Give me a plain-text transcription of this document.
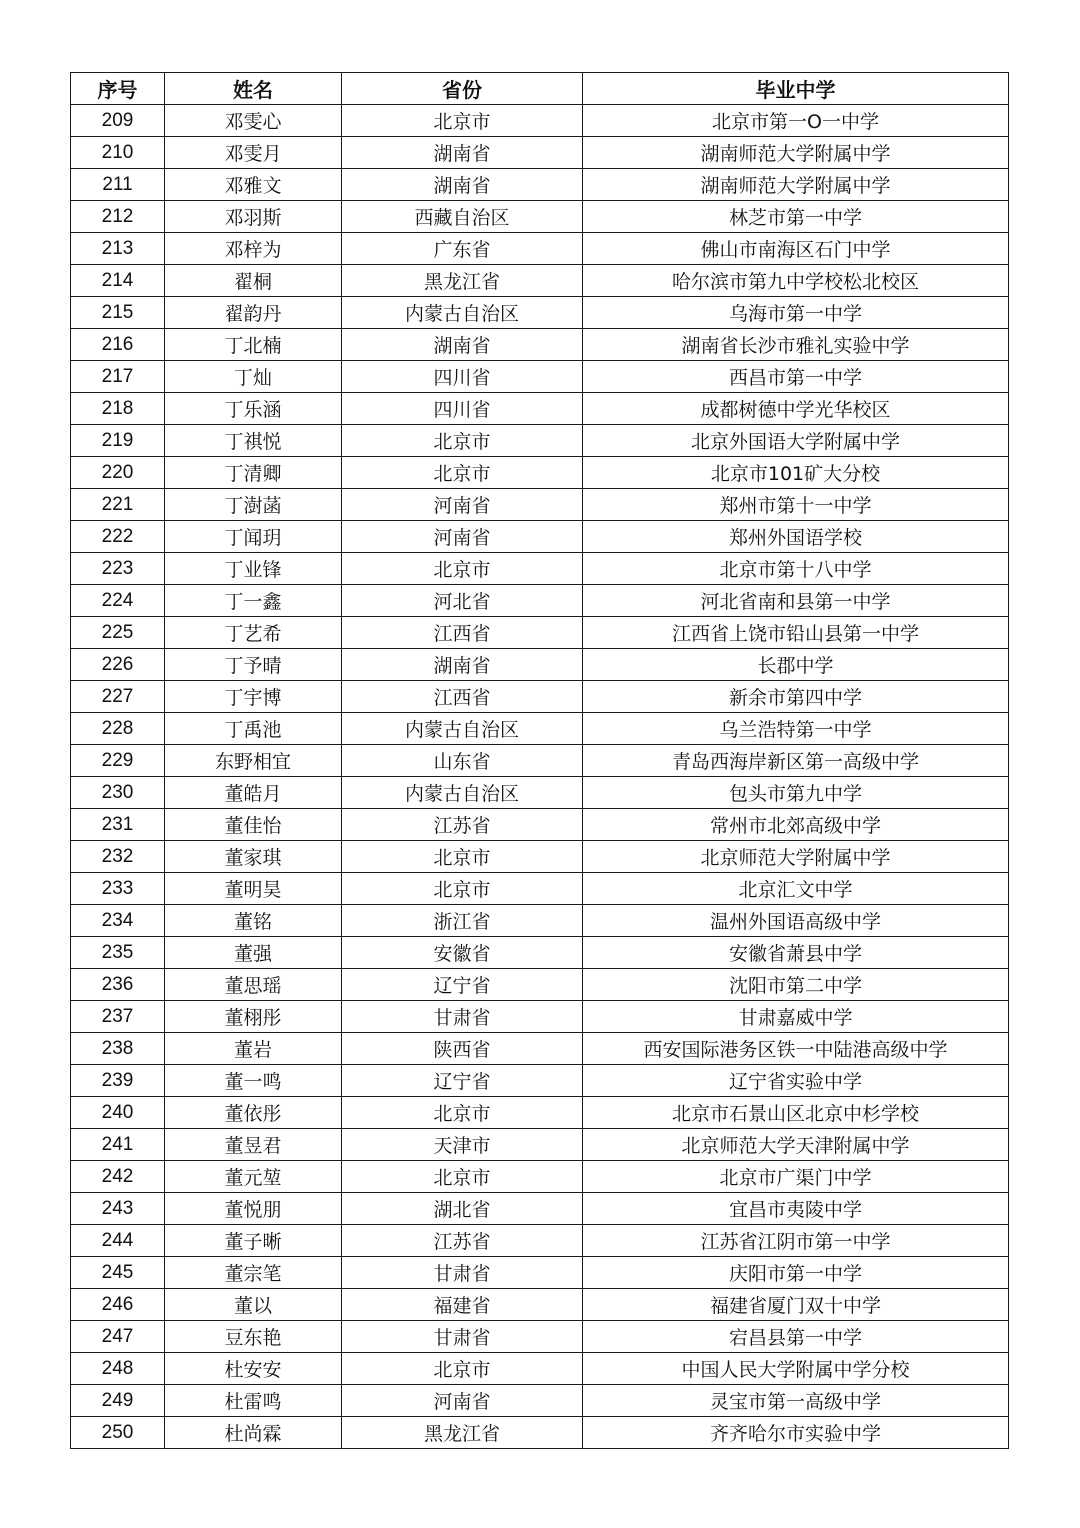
序号	姓名	省份	毕业中学
209	邓雯心	北京市	北京市第一O一中学
210	邓雯月	湖南省	湖南师范大学附属中学
211	邓雅文	湖南省	湖南师范大学附属中学
212	邓羽斯	西藏自治区	林芝市第一中学
213	邓梓为	广东省	佛山市南海区石门中学
214	翟桐	黑龙江省	哈尔滨市第九中学校松北校区
215	翟韵丹	内蒙古自治区	乌海市第一中学
216	丁北楠	湖南省	湖南省长沙市雅礼实验中学
217	丁灿	四川省	西昌市第一中学
218	丁乐涵	四川省	成都树德中学光华校区
219	丁祺悦	北京市	北京外国语大学附属中学
220	丁清卿	北京市	北京市101矿大分校
221	丁澍菡	河南省	郑州市第十一中学
222	丁闻玥	河南省	郑州外国语学校
223	丁业锋	北京市	北京市第十八中学
224	丁一鑫	河北省	河北省南和县第一中学
225	丁艺希	江西省	江西省上饶市铅山县第一中学
226	丁予晴	湖南省	长郡中学
227	丁宇博	江西省	新余市第四中学
228	丁禹池	内蒙古自治区	乌兰浩特第一中学
229	东野相宜	山东省	青岛西海岸新区第一高级中学
230	董皓月	内蒙古自治区	包头市第九中学
231	董佳怡	江苏省	常州市北郊高级中学
232	董家琪	北京市	北京师范大学附属中学
233	董明昊	北京市	北京汇文中学
234	董铭	浙江省	温州外国语高级中学
235	董强	安徽省	安徽省萧县中学
236	董思瑶	辽宁省	沈阳市第二中学
237	董栩彤	甘肃省	甘肃嘉威中学
238	董岩	陕西省	西安国际港务区铁一中陆港高级中学
239	董一鸣	辽宁省	辽宁省实验中学
240	董依彤	北京市	北京市石景山区北京中杉学校
241	董昱君	天津市	北京师范大学天津附属中学
242	董元堃	北京市	北京市广渠门中学
243	董悦朋	湖北省	宜昌市夷陵中学
244	董子晰	江苏省	江苏省江阴市第一中学
245	董宗笔	甘肃省	庆阳市第一中学
246	董以	福建省	福建省厦门双十中学
247	豆东艳	甘肃省	宕昌县第一中学
248	杜安安	北京市	中国人民大学附属中学分校
249	杜雷鸣	河南省	灵宝市第一高级中学
250	杜尚霖	黑龙江省	齐齐哈尔市实验中学
